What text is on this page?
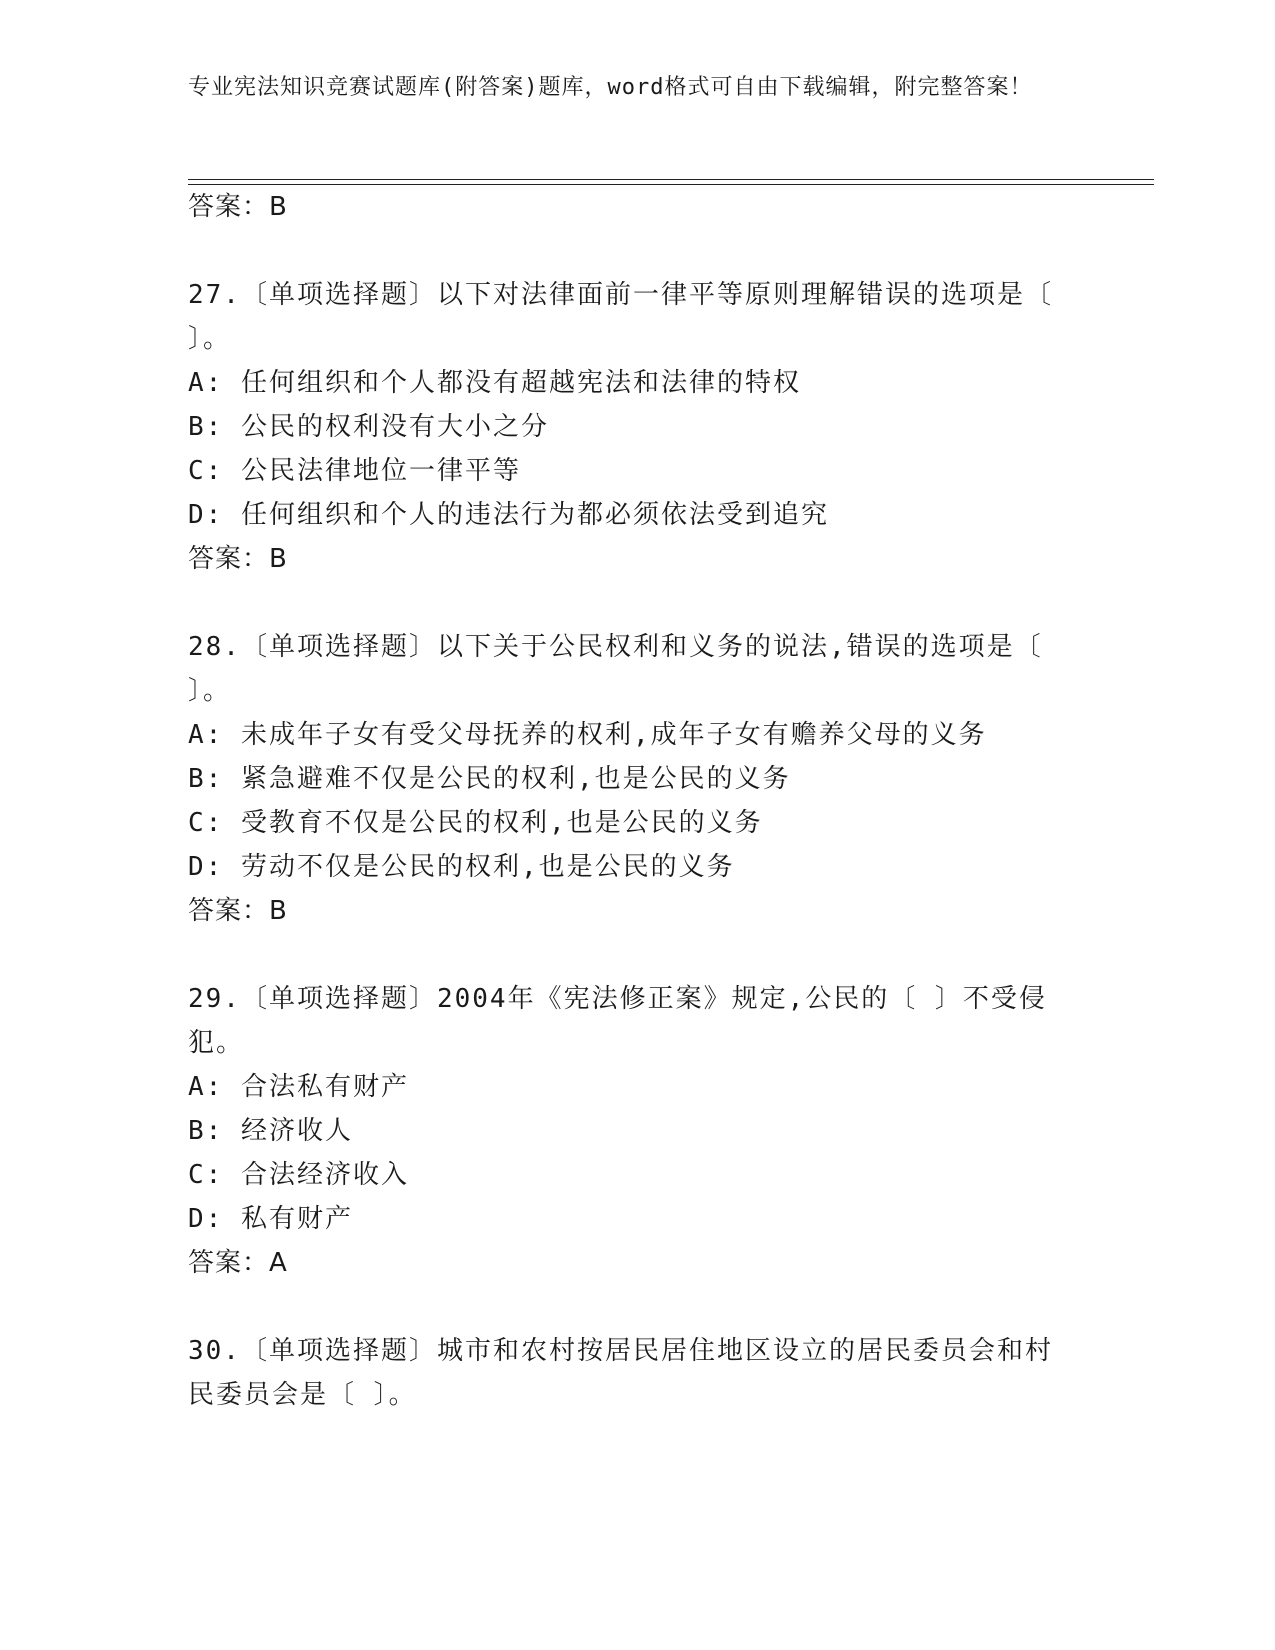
专业宪法知识竞赛试题库(附答案)题库，word格式可自由下载编辑，附完整答案！
答案：B
27.〔单项选择题〕以下对法律面前一律平等原则理解错误的选项是〔
〕。
A: 任何组织和个人都没有超越宪法和法律的特权
B: 公民的权利没有大小之分
C: 公民法律地位一律平等
D: 任何组织和个人的违法行为都必须依法受到追究
答案：B
28.〔单项选择题〕以下关于公民权利和义务的说法,错误的选项是〔
〕。
A: 未成年子女有受父母抚养的权利,成年子女有赡养父母的义务
B: 紧急避难不仅是公民的权利,也是公民的义务
C: 受教育不仅是公民的权利,也是公民的义务
D: 劳动不仅是公民的权利,也是公民的义务
答案：B
29.〔单项选择题〕2004年《宪法修正案》规定,公民的〔 〕不受侵
犯。
A: 合法私有财产
B: 经济收人
C: 合法经济收入
D: 私有财产
答案：A
30.〔单项选择题〕城市和农村按居民居住地区设立的居民委员会和村
民委员会是〔 〕。
